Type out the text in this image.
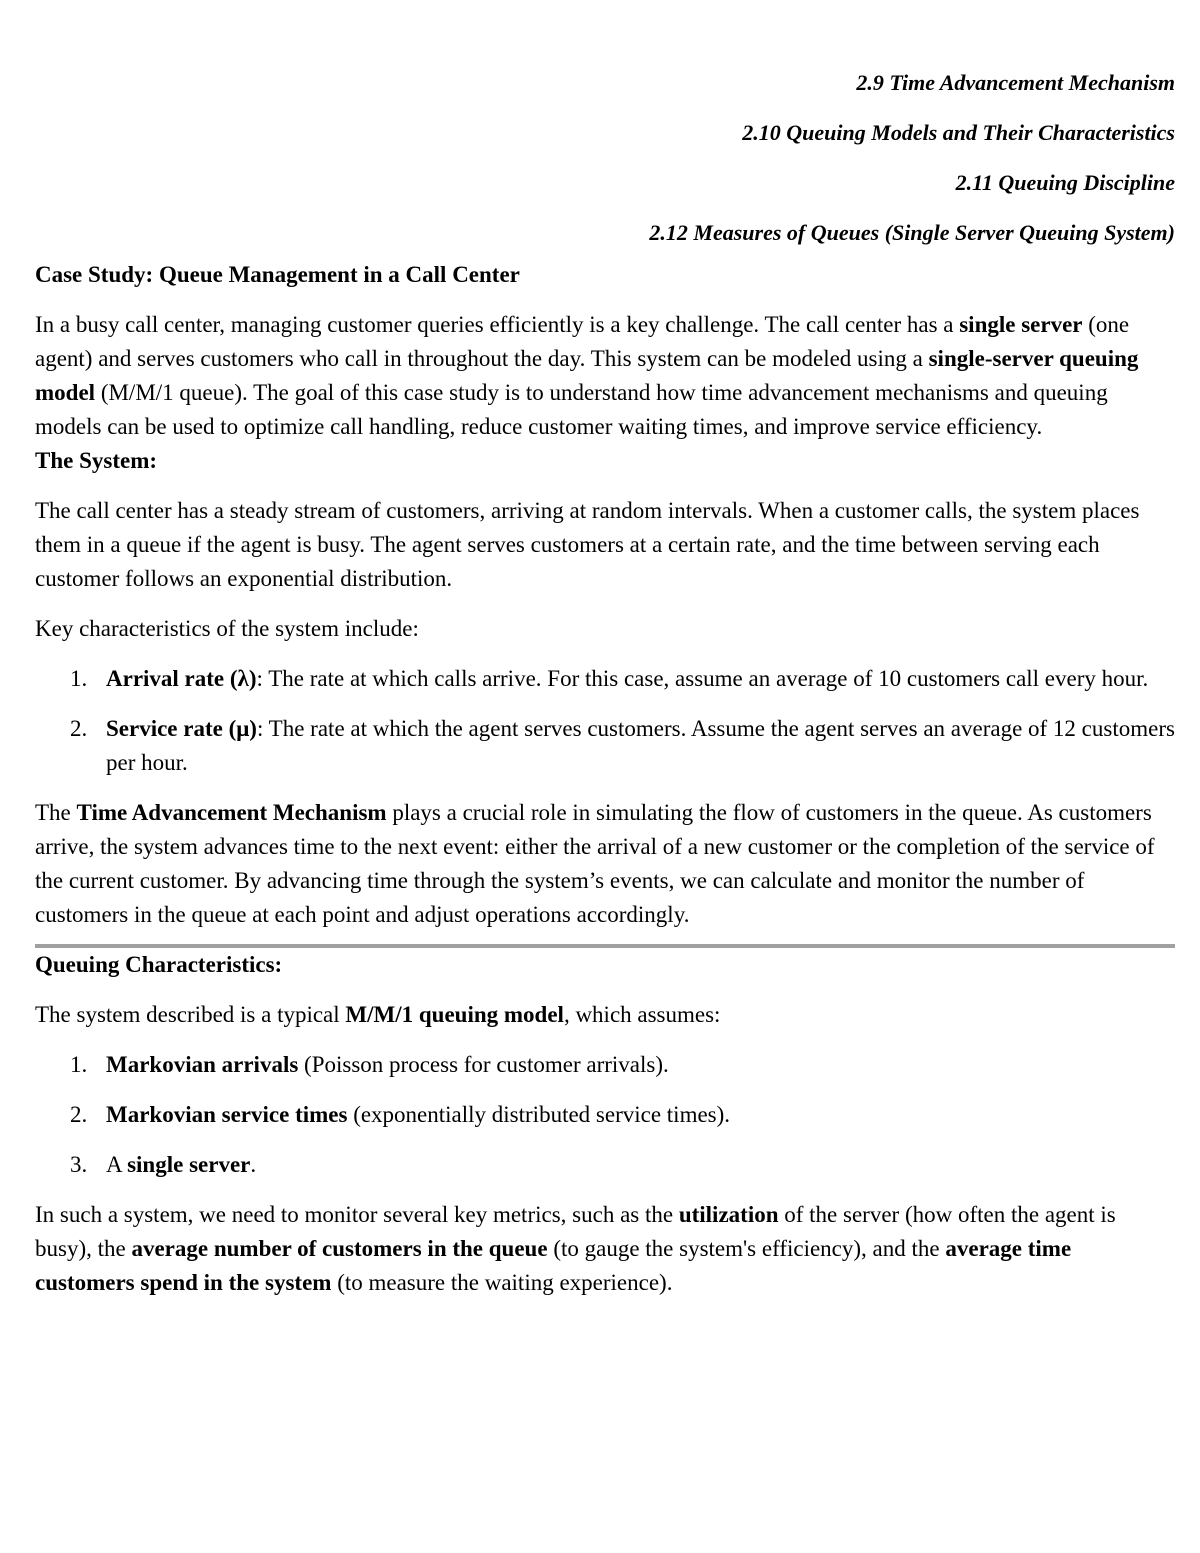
2.9 Time Advancement Mechanism

2.10 Queuing Models and Their Characteristics

2.11 Queuing Discipline

2.12 Measures of Queues (Single Server Queuing System)

Case Study: Queue Management in a Call Center

In a busy call center, managing customer queries efficiently is a key challenge. The call center has a single server (one agent) and serves customers who call in throughout the day. This system can be modeled using a single-server queuing model (M/M/1 queue). The goal of this case study is to understand how time advancement mechanisms and queuing models can be used to optimize call handling, reduce customer waiting times, and improve service efficiency.

The System:

The call center has a steady stream of customers, arriving at random intervals. When a customer calls, the system places them in a queue if the agent is busy. The agent serves customers at a certain rate, and the time between serving each customer follows an exponential distribution.

Key characteristics of the system include:

1. Arrival rate (λ): The rate at which calls arrive. For this case, assume an average of 10 customers call every hour.
2. Service rate (μ): The rate at which the agent serves customers. Assume the agent serves an average of 12 customers per hour.

The Time Advancement Mechanism plays a crucial role in simulating the flow of customers in the queue. As customers arrive, the system advances time to the next event: either the arrival of a new customer or the completion of the service of the current customer. By advancing time through the system’s events, we can calculate and monitor the number of customers in the queue at each point and adjust operations accordingly.

Queuing Characteristics:

The system described is a typical M/M/1 queuing model, which assumes:

1. Markovian arrivals (Poisson process for customer arrivals).
2. Markovian service times (exponentially distributed service times).
3. A single server.

In such a system, we need to monitor several key metrics, such as the utilization of the server (how often the agent is busy), the average number of customers in the queue (to gauge the system's efficiency), and the average time customers spend in the system (to measure the waiting experience).
